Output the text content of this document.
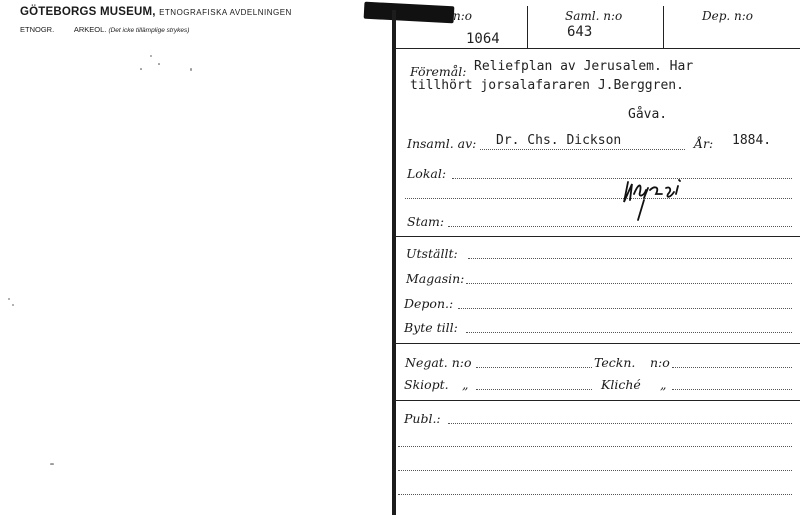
GÖTEBORGS MUSEUM, ETNOGRAFISKA AVDELNINGEN
ETNOGR.	ARKEOL. (Det icke tillämplige strykes)
n:o	Saml. n:o	Dep. n:o
1064	643
Föremål: Reliefplan av Jerusalem. Har
tillhört jorsalafararen J.Berggren.
Gåva.
Insaml. av: Dr. Chs. Dickson	År: 1884.
Lokal:
Stam:
Utställt:
Magasin:
Depon.:
Byte till:
Negat. n:o	Teckn. n:o
Skiopt. „	Kliché „
Publ.:
